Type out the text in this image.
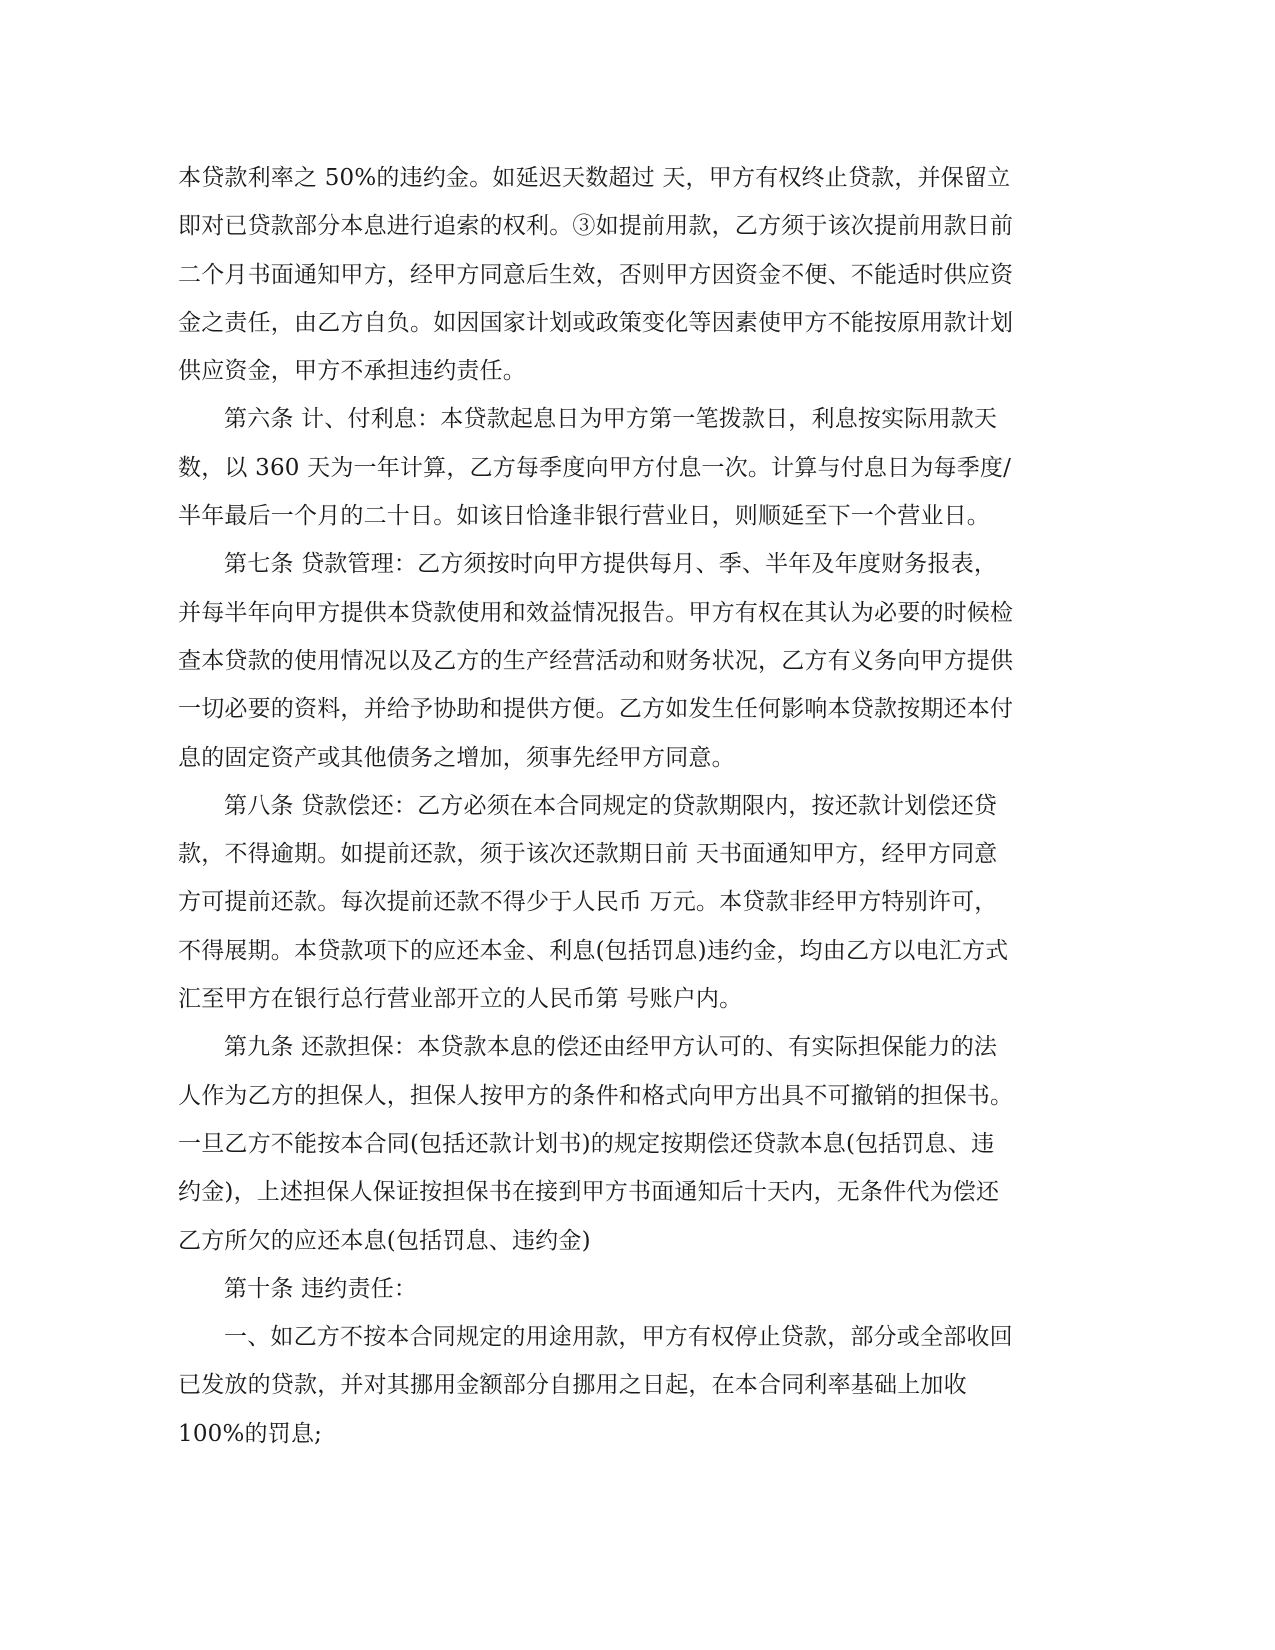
本贷款利率之 50%的违约金。如延迟天数超过 天，甲方有权终止贷款，并保留立
即对已贷款部分本息进行追索的权利。③如提前用款，乙方须于该次提前用款日前
二个月书面通知甲方，经甲方同意后生效，否则甲方因资金不便、不能适时供应资
金之责任，由乙方自负。如因国家计划或政策变化等因素使甲方不能按原用款计划
供应资金，甲方不承担违约责任。
第六条 计、付利息：本贷款起息日为甲方第一笔拨款日，利息按实际用款天
数，以 360 天为一年计算，乙方每季度向甲方付息一次。计算与付息日为每季度/
半年最后一个月的二十日。如该日恰逢非银行营业日，则顺延至下一个营业日。
第七条 贷款管理：乙方须按时向甲方提供每月、季、半年及年度财务报表，
并每半年向甲方提供本贷款使用和效益情况报告。甲方有权在其认为必要的时候检
查本贷款的使用情况以及乙方的生产经营活动和财务状况，乙方有义务向甲方提供
一切必要的资料，并给予协助和提供方便。乙方如发生任何影响本贷款按期还本付
息的固定资产或其他债务之增加，须事先经甲方同意。
第八条 贷款偿还：乙方必须在本合同规定的贷款期限内，按还款计划偿还贷
款，不得逾期。如提前还款，须于该次还款期日前 天书面通知甲方，经甲方同意
方可提前还款。每次提前还款不得少于人民币 万元。本贷款非经甲方特别许可，
不得展期。本贷款项下的应还本金、利息(包括罚息)违约金，均由乙方以电汇方式
汇至甲方在银行总行营业部开立的人民币第 号账户内。
第九条 还款担保：本贷款本息的偿还由经甲方认可的、有实际担保能力的法
人作为乙方的担保人，担保人按甲方的条件和格式向甲方出具不可撤销的担保书。
一旦乙方不能按本合同(包括还款计划书)的规定按期偿还贷款本息(包括罚息、违
约金)，上述担保人保证按担保书在接到甲方书面通知后十天内，无条件代为偿还
乙方所欠的应还本息(包括罚息、违约金)
第十条 违约责任：
一、如乙方不按本合同规定的用途用款，甲方有权停止贷款，部分或全部收回
已发放的贷款，并对其挪用金额部分自挪用之日起，在本合同利率基础上加收
100%的罚息;
